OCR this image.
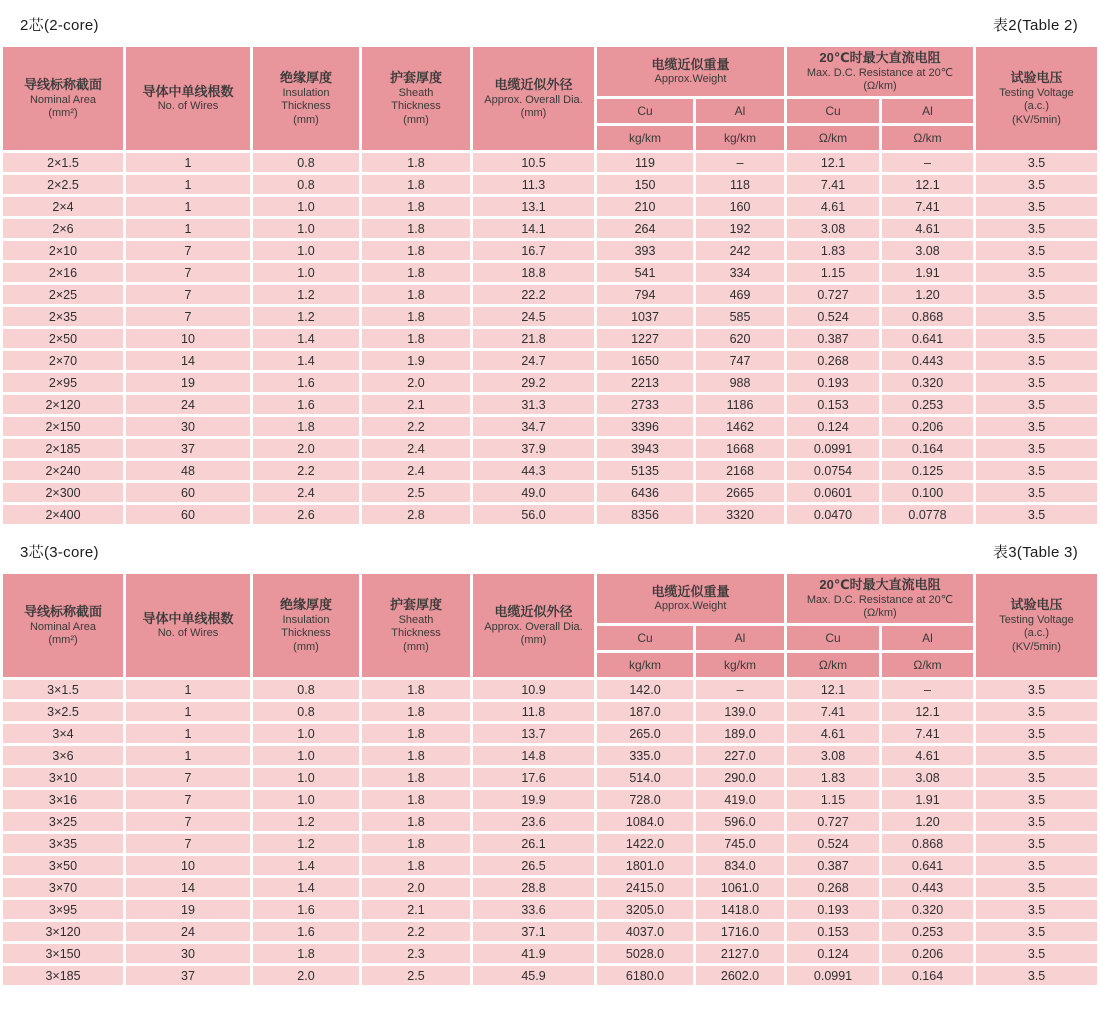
2芯(2-core)	表2(Table 2)
导线标称截面
Nominal Area
(mm²)

导体中单线根数
No. of Wires

绝缘厚度
Insulation
Thickness
(mm)

护套厚度
Sheath
Thickness
(mm)

电缆近似外径
Approx. Overall Dia.
(mm)

电缆近似重量
Approx.Weight

20℃时最大直流电阻
Max. D.C. Resistance at 20℃
(Ω/km)

试验电压
Testing Voltage
(a.c.)
(KV/5min)

					Cu	Al	Cu	Al	
					kg/km	kg/km	Ω/km	Ω/km	
2×1.5	1	0.8	1.8	10.5	119	–	12.1	–	3.5
2×2.5	1	0.8	1.8	11.3	150	118	7.41	12.1	3.5
2×4	1	1.0	1.8	13.1	210	160	4.61	7.41	3.5
2×6	1	1.0	1.8	14.1	264	192	3.08	4.61	3.5
2×10	7	1.0	1.8	16.7	393	242	1.83	3.08	3.5
2×16	7	1.0	1.8	18.8	541	334	1.15	1.91	3.5
2×25	7	1.2	1.8	22.2	794	469	0.727	1.20	3.5
2×35	7	1.2	1.8	24.5	1037	585	0.524	0.868	3.5
2×50	10	1.4	1.8	21.8	1227	620	0.387	0.641	3.5
2×70	14	1.4	1.9	24.7	1650	747	0.268	0.443	3.5
2×95	19	1.6	2.0	29.2	2213	988	0.193	0.320	3.5
2×120	24	1.6	2.1	31.3	2733	1186	0.153	0.253	3.5
2×150	30	1.8	2.2	34.7	3396	1462	0.124	0.206	3.5
2×185	37	2.0	2.4	37.9	3943	1668	0.0991	0.164	3.5
2×240	48	2.2	2.4	44.3	5135	2168	0.0754	0.125	3.5
2×300	60	2.4	2.5	49.0	6436	2665	0.0601	0.100	3.5
2×400	60	2.6	2.8	56.0	8356	3320	0.0470	0.0778	3.5
3芯(3-core)	表3(Table 3)
导线标称截面
Nominal Area
(mm²)

导体中单线根数
No. of Wires

绝缘厚度
Insulation
Thickness
(mm)

护套厚度
Sheath
Thickness
(mm)

电缆近似外径
Approx. Overall Dia.
(mm)

电缆近似重量
Approx.Weight

20℃时最大直流电阻
Max. D.C. Resistance at 20℃
(Ω/km)

试验电压
Testing Voltage
(a.c.)
(KV/5min)

					Cu	Al	Cu	Al	
					kg/km	kg/km	Ω/km	Ω/km	
3×1.5	1	0.8	1.8	10.9	142.0	–	12.1	–	3.5
3×2.5	1	0.8	1.8	11.8	187.0	139.0	7.41	12.1	3.5
3×4	1	1.0	1.8	13.7	265.0	189.0	4.61	7.41	3.5
3×6	1	1.0	1.8	14.8	335.0	227.0	3.08	4.61	3.5
3×10	7	1.0	1.8	17.6	514.0	290.0	1.83	3.08	3.5
3×16	7	1.0	1.8	19.9	728.0	419.0	1.15	1.91	3.5
3×25	7	1.2	1.8	23.6	1084.0	596.0	0.727	1.20	3.5
3×35	7	1.2	1.8	26.1	1422.0	745.0	0.524	0.868	3.5
3×50	10	1.4	1.8	26.5	1801.0	834.0	0.387	0.641	3.5
3×70	14	1.4	2.0	28.8	2415.0	1061.0	0.268	0.443	3.5
3×95	19	1.6	2.1	33.6	3205.0	1418.0	0.193	0.320	3.5
3×120	24	1.6	2.2	37.1	4037.0	1716.0	0.153	0.253	3.5
3×150	30	1.8	2.3	41.9	5028.0	2127.0	0.124	0.206	3.5
3×185	37	2.0	2.5	45.9	6180.0	2602.0	0.0991	0.164	3.5
